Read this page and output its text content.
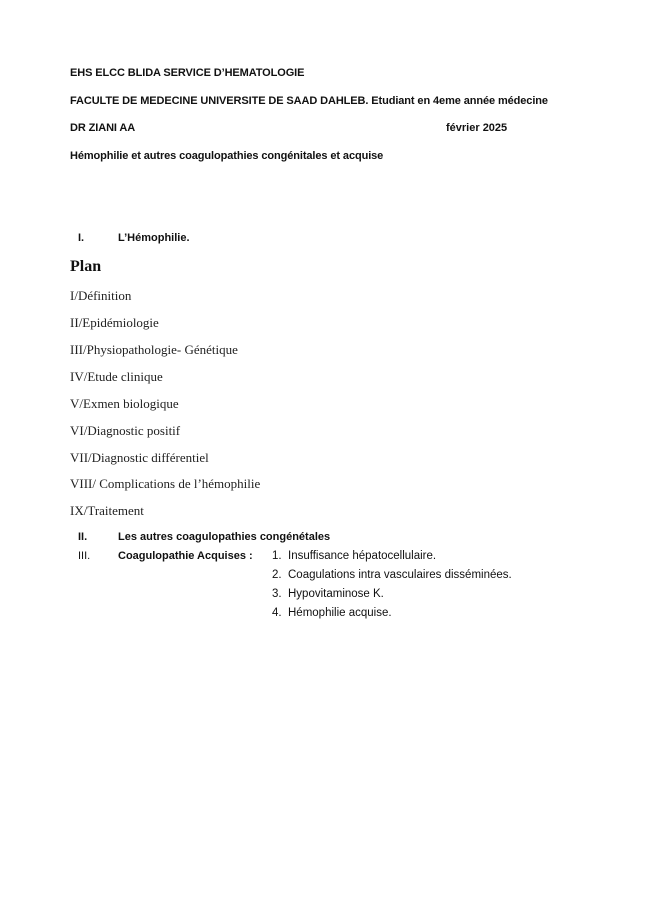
EHS ELCC BLIDA SERVICE D’HEMATOLOGIE
FACULTE DE MEDECINE UNIVERSITE DE SAAD DAHLEB. Etudiant en 4eme année médecine
DR ZIANI AA	février 2025
Hémophilie et autres coagulopathies congénitales et acquise
I.	L’Hémophilie.
Plan
I/Définition
II/Epidémiologie
III/Physiopathologie- Génétique
IV/Etude clinique
V/Exmen biologique
VI/Diagnostic positif
VII/Diagnostic différentiel
VIII/ Complications de l’hémophilie
IX/Traitement
II.	Les autres coagulopathies congénétales
III.	Coagulopathie Acquises : 1. Insuffisance hépatocellulaire.
2. Coagulations intra vasculaires disséminées.
3. Hypovitaminose K.
4. Hémophilie acquise.
